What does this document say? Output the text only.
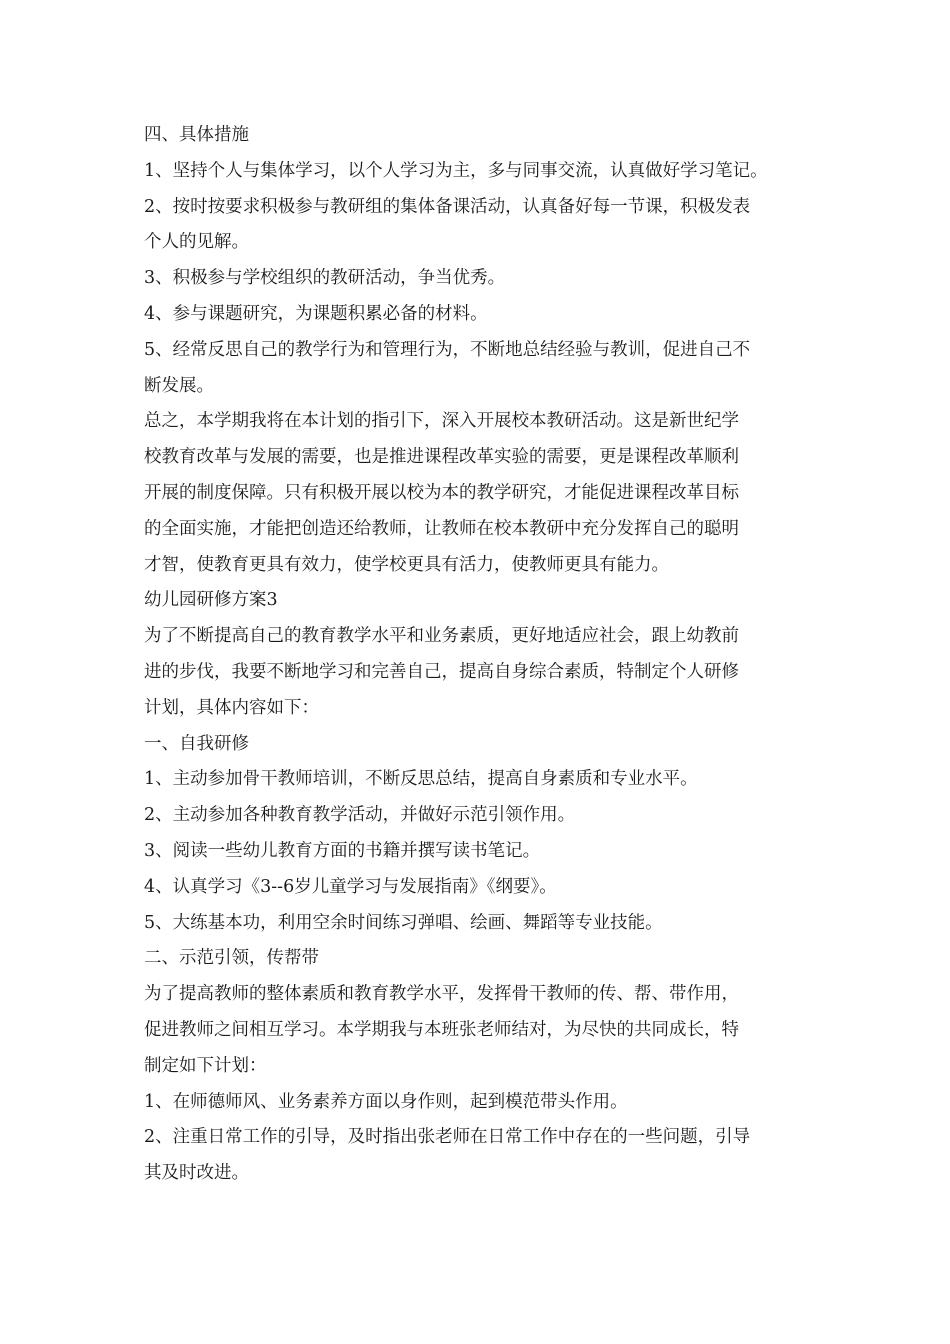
四、具体措施
1、坚持个人与集体学习，以个人学习为主，多与同事交流，认真做好学习笔记。
2、按时按要求积极参与教研组的集体备课活动，认真备好每一节课，积极发表
个人的见解。
3、积极参与学校组织的教研活动，争当优秀。
4、参与课题研究，为课题积累必备的材料。
5、经常反思自己的教学行为和管理行为，不断地总结经验与教训，促进自己不
断发展。
总之，本学期我将在本计划的指引下，深入开展校本教研活动。这是新世纪学
校教育改革与发展的需要，也是推进课程改革实验的需要，更是课程改革顺利
开展的制度保障。只有积极开展以校为本的教学研究，才能促进课程改革目标
的全面实施，才能把创造还给教师，让教师在校本教研中充分发挥自己的聪明
才智，使教育更具有效力，使学校更具有活力，使教师更具有能力。
幼儿园研修方案3
为了不断提高自己的教育教学水平和业务素质，更好地适应社会，跟上幼教前
进的步伐，我要不断地学习和完善自己，提高自身综合素质，特制定个人研修
计划，具体内容如下：
一、自我研修
1、主动参加骨干教师培训，不断反思总结，提高自身素质和专业水平。
2、主动参加各种教育教学活动，并做好示范引领作用。
3、阅读一些幼儿教育方面的书籍并撰写读书笔记。
4、认真学习《3--6岁儿童学习与发展指南》《纲要》。
5、大练基本功，利用空余时间练习弹唱、绘画、舞蹈等专业技能。
二、示范引领，传帮带
为了提高教师的整体素质和教育教学水平，发挥骨干教师的传、帮、带作用，
促进教师之间相互学习。本学期我与本班张老师结对，为尽快的共同成长，特
制定如下计划：
1、在师德师风、业务素养方面以身作则，起到模范带头作用。
2、注重日常工作的引导，及时指出张老师在日常工作中存在的一些问题，引导
其及时改进。
